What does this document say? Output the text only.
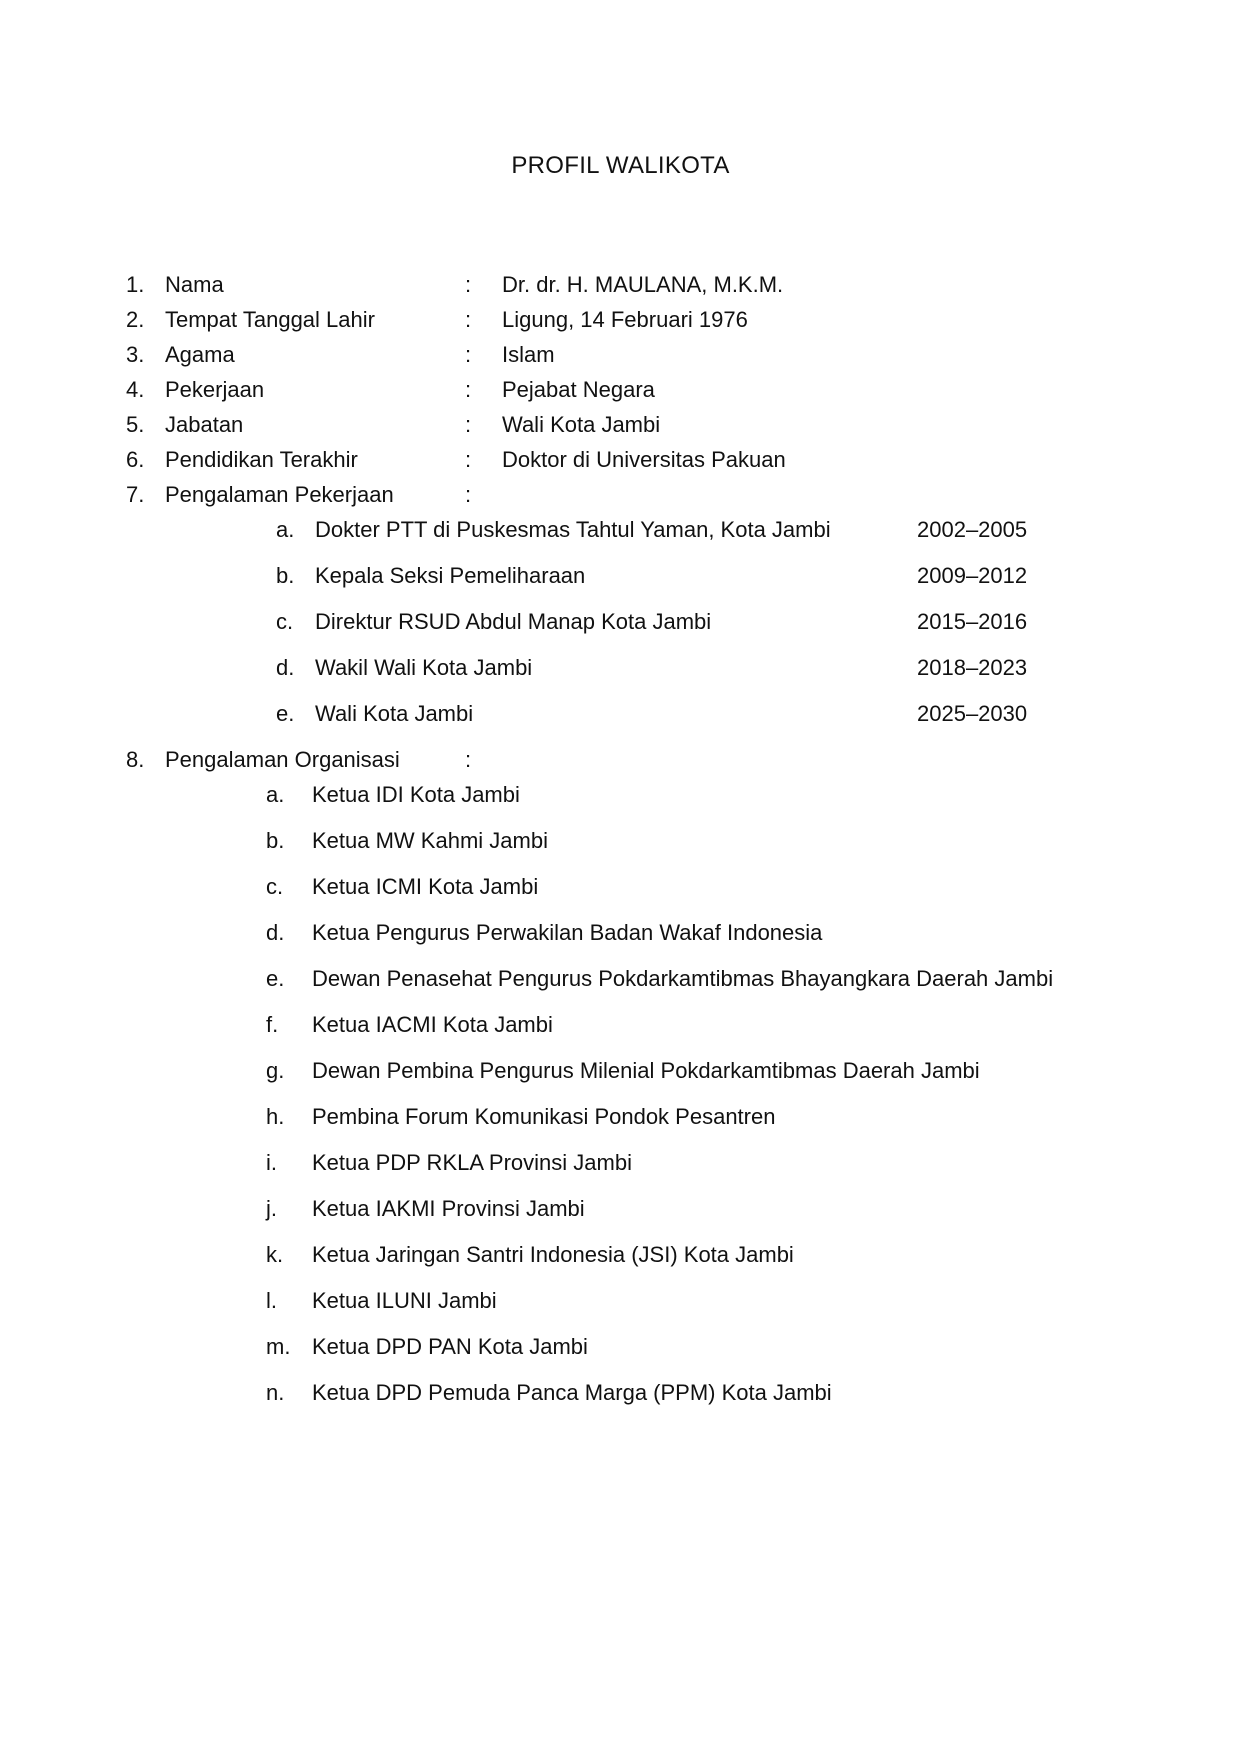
PROFIL WALIKOTA
1. Nama	: Dr. dr. H. MAULANA, M.K.M.
2. Tempat Tanggal Lahir	: Ligung, 14 Februari 1976
3. Agama	: Islam
4. Pekerjaan	: Pejabat Negara
5. Jabatan	: Wali Kota Jambi
6. Pendidikan Terakhir	: Doktor di Universitas Pakuan
7. Pengalaman Pekerjaan	:
a. Dokter PTT di Puskesmas Tahtul Yaman, Kota Jambi	2002–2005
b. Kepala Seksi Pemeliharaan	2009–2012
c. Direktur RSUD Abdul Manap Kota Jambi	2015–2016
d. Wakil Wali Kota Jambi	2018–2023
e. Wali Kota Jambi	2025–2030
8. Pengalaman Organisasi	:
a.	Ketua IDI Kota Jambi
b.	Ketua MW Kahmi Jambi
c.	Ketua ICMI Kota Jambi
d.	Ketua Pengurus Perwakilan Badan Wakaf Indonesia
e.	Dewan Penasehat Pengurus Pokdarkamtibmas Bhayangkara Daerah Jambi
f.	Ketua IACMI Kota Jambi
g.	Dewan Pembina Pengurus Milenial Pokdarkamtibmas Daerah Jambi
h.	Pembina Forum Komunikasi Pondok Pesantren
i.	Ketua PDP RKLA Provinsi Jambi
j.	Ketua IAKMI Provinsi Jambi
k.	Ketua Jaringan Santri Indonesia (JSI) Kota Jambi
l.	Ketua ILUNI Jambi
m. Ketua DPD PAN Kota Jambi
n.	Ketua DPD Pemuda Panca Marga (PPM) Kota Jambi
